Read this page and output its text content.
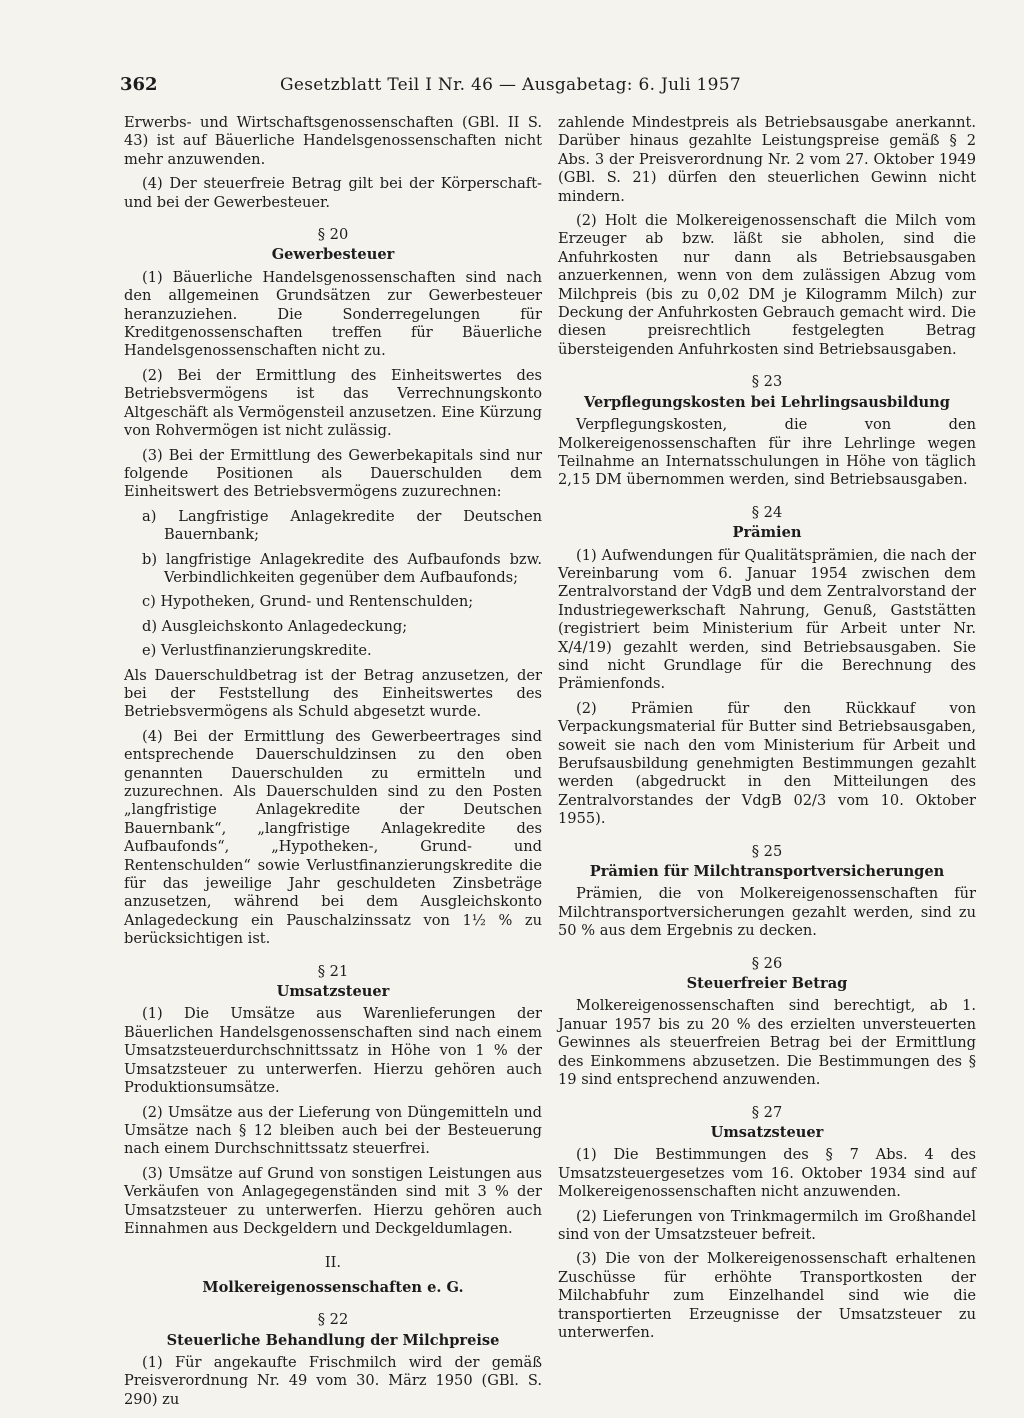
362	Gesetzblatt Teil I Nr. 46 — Ausgabetag: 6. Juli 1957

Erwerbs- und Wirtschaftsgenossenschaften (GBl. II S. 43) ist auf Bäuerliche Handelsgenossenschaften nicht mehr anzuwenden.

(4) Der steuerfreie Betrag gilt bei der Körperschaft- und bei der Gewerbesteuer.

§ 20
Gewerbesteuer

(1) Bäuerliche Handelsgenossenschaften sind nach den allgemeinen Grundsätzen zur Gewerbesteuer heranzuziehen. Die Sonderregelungen für Kreditgenossenschaften treffen für Bäuerliche Handelsgenossenschaften nicht zu.

(2) Bei der Ermittlung des Einheitswertes des Betriebsvermögens ist das Verrechnungskonto Altgeschäft als Vermögensteil anzusetzen. Eine Kürzung von Rohvermögen ist nicht zulässig.

(3) Bei der Ermittlung des Gewerbekapitals sind nur folgende Positionen als Dauerschulden dem Einheitswert des Betriebsvermögens zuzurechnen:

a) Langfristige Anlagekredite der Deutschen Bauernbank;
b) langfristige Anlagekredite des Aufbaufonds bzw. Verbindlichkeiten gegenüber dem Aufbaufonds;
c) Hypotheken, Grund- und Rentenschulden;
d) Ausgleichskonto Anlagedeckung;
e) Verlustfinanzierungskredite.

Als Dauerschuldbetrag ist der Betrag anzusetzen, der bei der Feststellung des Einheitswertes des Betriebsvermögens als Schuld abgesetzt wurde.

(4) Bei der Ermittlung des Gewerbeertrages sind entsprechende Dauerschuldzinsen zu den oben genannten Dauerschulden zu ermitteln und zuzurechnen. Als Dauerschulden sind zu den Posten „langfristige Anlagekredite der Deutschen Bauernbank“, „langfristige Anlagekredite des Aufbaufonds“, „Hypotheken-, Grund- und Rentenschulden“ sowie Verlustfinanzierungskredite die für das jeweilige Jahr geschuldeten Zinsbeträge anzusetzen, während bei dem Ausgleichskonto Anlagedeckung ein Pauschalzinssatz von 1½ % zu berücksichtigen ist.

§ 21
Umsatzsteuer

(1) Die Umsätze aus Warenlieferungen der Bäuerlichen Handelsgenossenschaften sind nach einem Umsatzsteuerdurchschnittssatz in Höhe von 1 % der Umsatzsteuer zu unterwerfen. Hierzu gehören auch Produktionsumsätze.

(2) Umsätze aus der Lieferung von Düngemitteln und Umsätze nach § 12 bleiben auch bei der Besteuerung nach einem Durchschnittssatz steuerfrei.

(3) Umsätze auf Grund von sonstigen Leistungen aus Verkäufen von Anlagegegenständen sind mit 3 % der Umsatzsteuer zu unterwerfen. Hierzu gehören auch Einnahmen aus Deckgeldern und Deckgeldumlagen.

II.
Molkereigenossenschaften e. G.
§ 22
Steuerliche Behandlung der Milchpreise

(1) Für angekaufte Frischmilch wird der gemäß Preisverordnung Nr. 49 vom 30. März 1950 (GBl. S. 290) zu

zahlende Mindestpreis als Betriebsausgabe anerkannt. Darüber hinaus gezahlte Leistungspreise gemäß § 2 Abs. 3 der Preisverordnung Nr. 2 vom 27. Oktober 1949 (GBl. S. 21) dürfen den steuerlichen Gewinn nicht mindern.

(2) Holt die Molkereigenossenschaft die Milch vom Erzeuger ab bzw. läßt sie abholen, sind die Anfuhrkosten nur dann als Betriebsausgaben anzuerkennen, wenn von dem zulässigen Abzug vom Milchpreis (bis zu 0,02 DM je Kilogramm Milch) zur Deckung der Anfuhrkosten Gebrauch gemacht wird. Die diesen preisrechtlich festgelegten Betrag übersteigenden Anfuhrkosten sind Betriebsausgaben.

§ 23
Verpflegungskosten bei Lehrlingsausbildung

Verpflegungskosten, die von den Molkereigenossenschaften für ihre Lehrlinge wegen Teilnahme an Internatsschulungen in Höhe von täglich 2,15 DM übernommen werden, sind Betriebsausgaben.

§ 24
Prämien

(1) Aufwendungen für Qualitätsprämien, die nach der Vereinbarung vom 6. Januar 1954 zwischen dem Zentralvorstand der VdgB und dem Zentralvorstand der Industriegewerkschaft Nahrung, Genuß, Gaststätten (registriert beim Ministerium für Arbeit unter Nr. X/4/19) gezahlt werden, sind Betriebsausgaben. Sie sind nicht Grundlage für die Berechnung des Prämienfonds.

(2) Prämien für den Rückkauf von Verpackungsmaterial für Butter sind Betriebsausgaben, soweit sie nach den vom Ministerium für Arbeit und Berufsausbildung genehmigten Bestimmungen gezahlt werden (abgedruckt in den Mitteilungen des Zentralvorstandes der VdgB 02/3 vom 10. Oktober 1955).

§ 25
Prämien für Milchtransportversicherungen

Prämien, die von Molkereigenossenschaften für Milchtransportversicherungen gezahlt werden, sind zu 50 % aus dem Ergebnis zu decken.

§ 26
Steuerfreier Betrag

Molkereigenossenschaften sind berechtigt, ab 1. Januar 1957 bis zu 20 % des erzielten unversteuerten Gewinnes als steuerfreien Betrag bei der Ermittlung des Einkommens abzusetzen. Die Bestimmungen des § 19 sind entsprechend anzuwenden.

§ 27
Umsatzsteuer

(1) Die Bestimmungen des § 7 Abs. 4 des Umsatzsteuergesetzes vom 16. Oktober 1934 sind auf Molkereigenossenschaften nicht anzuwenden.

(2) Lieferungen von Trinkmagermilch im Großhandel sind von der Umsatzsteuer befreit.

(3) Die von der Molkereigenossenschaft erhaltenen Zuschüsse für erhöhte Transportkosten der Milchabfuhr zum Einzelhandel sind wie die transportierten Erzeugnisse der Umsatzsteuer zu unterwerfen.
